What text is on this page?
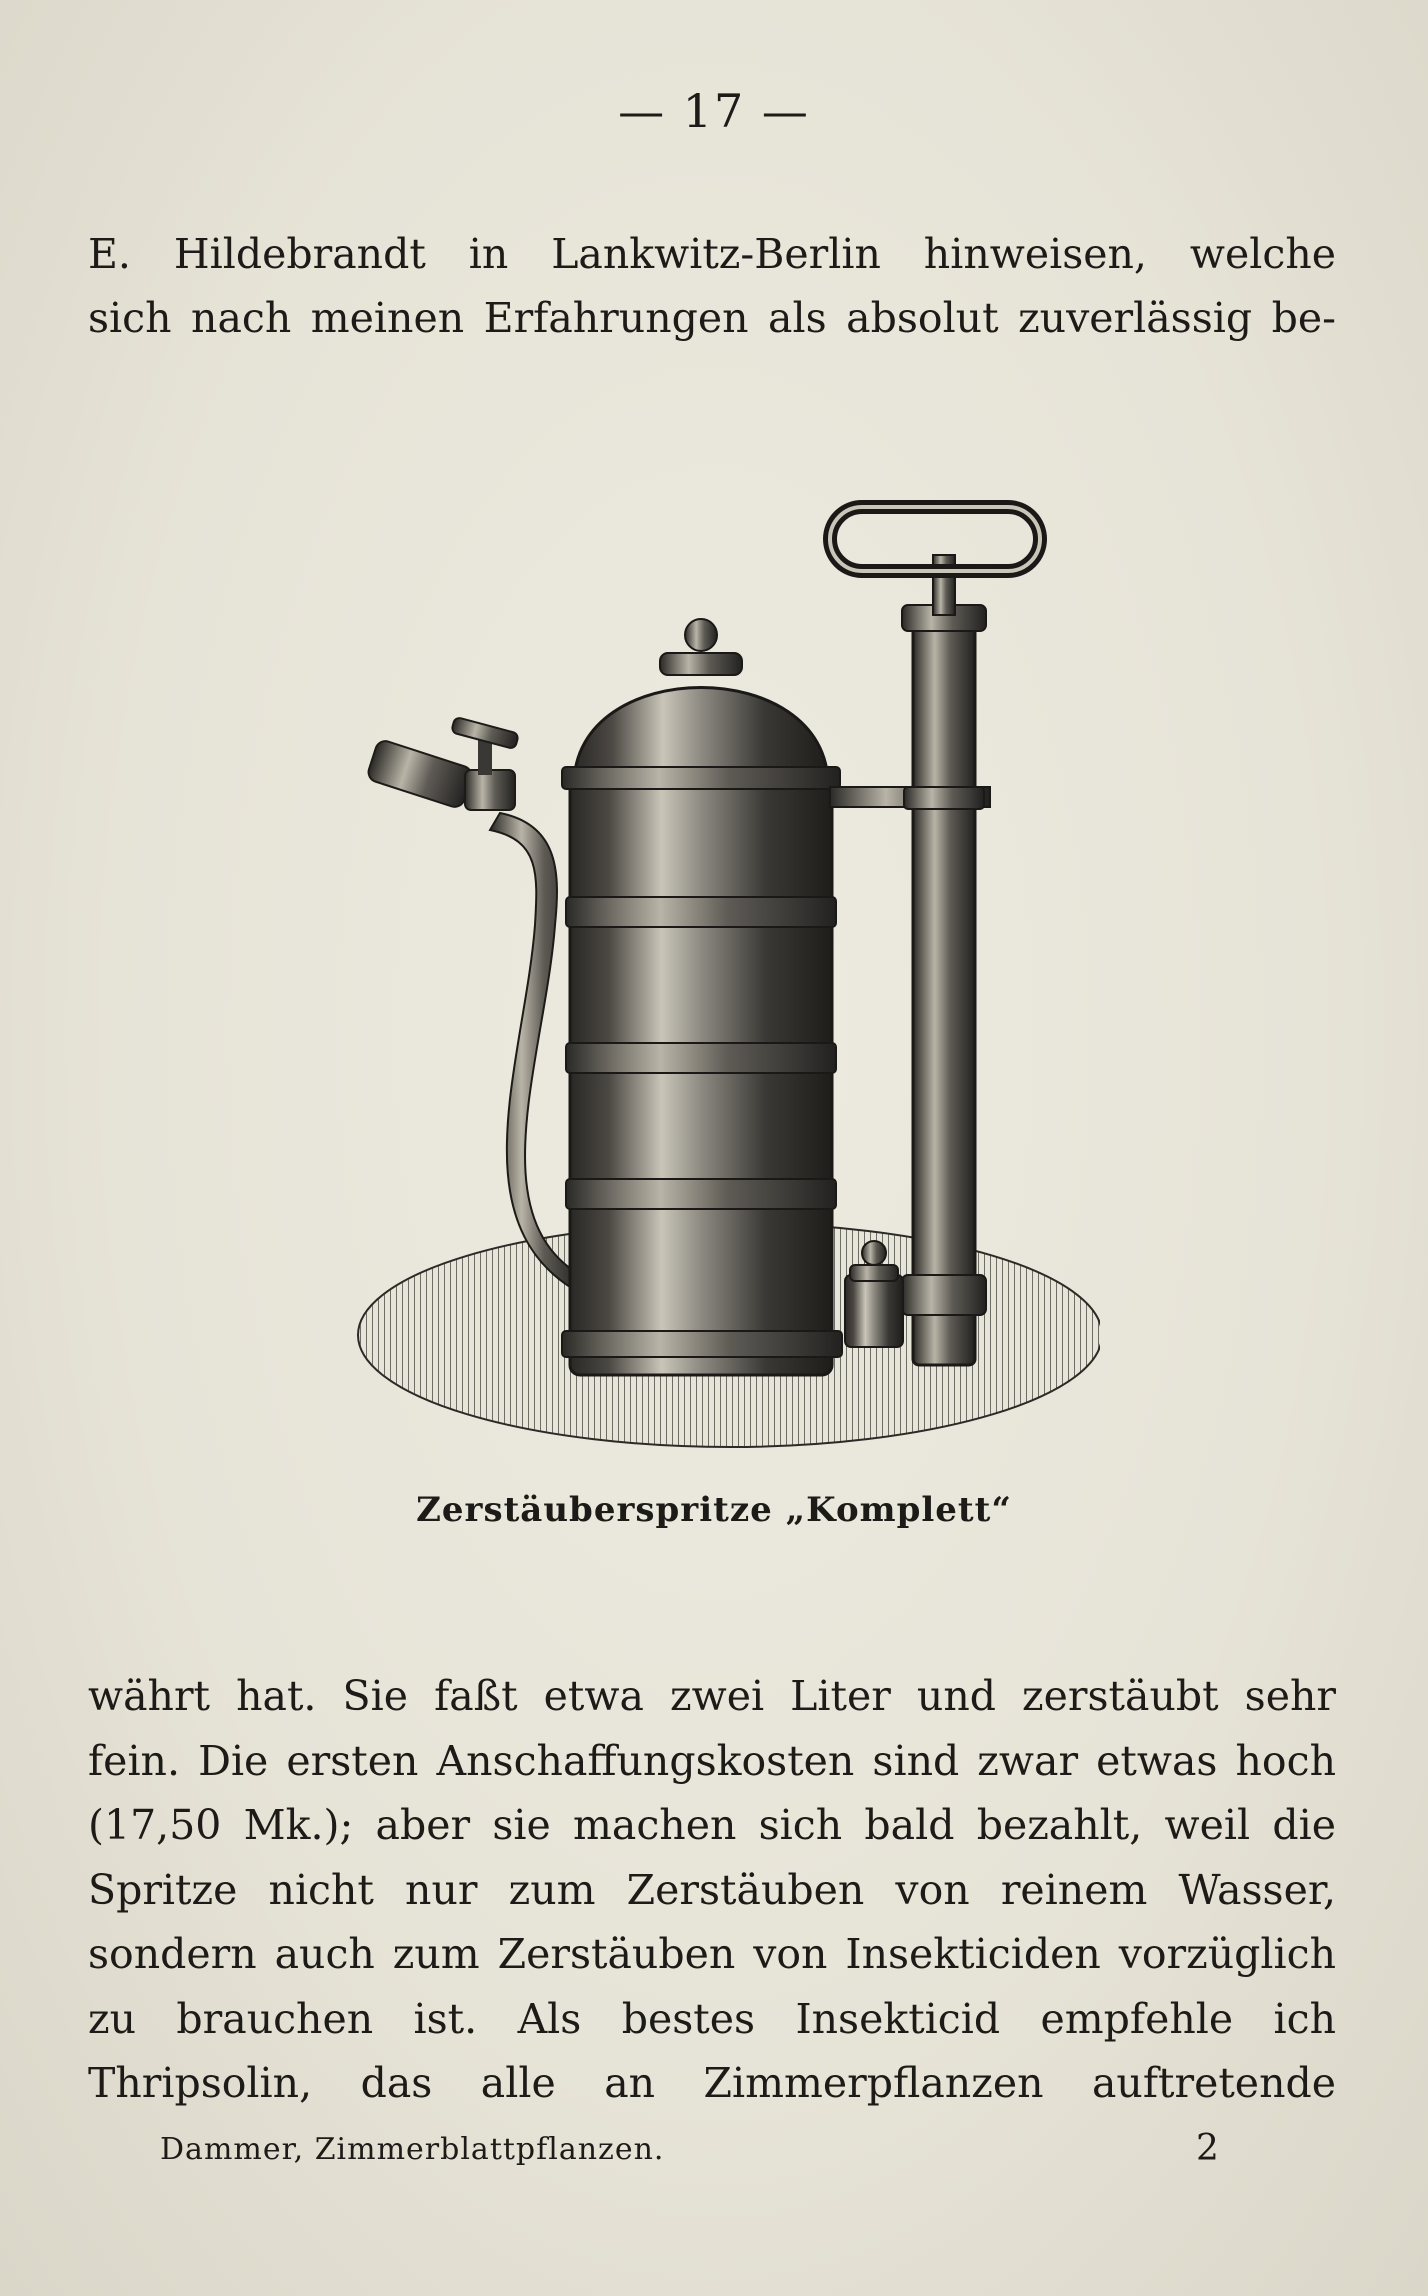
— 17 —
E. Hildebrandt in Lankwitz-Berlin hinweisen, welche
sich nach meinen Erfahrungen als absolut zuverlässig be-
Zerstäuberspritze „Komplett“
währt hat. Sie faßt etwa zwei Liter und zerstäubt sehr
fein. Die ersten Anschaffungskosten sind zwar etwas hoch
(17,50 Mk.); aber sie machen sich bald bezahlt, weil die
Spritze nicht nur zum Zerstäuben von reinem Wasser,
sondern auch zum Zerstäuben von Insekticiden vorzüglich
zu brauchen ist. Als bestes Insekticid empfehle ich
Thripsolin, das alle an Zimmerpflanzen auftretende
Dammer, Zimmerblattpflanzen.	2
